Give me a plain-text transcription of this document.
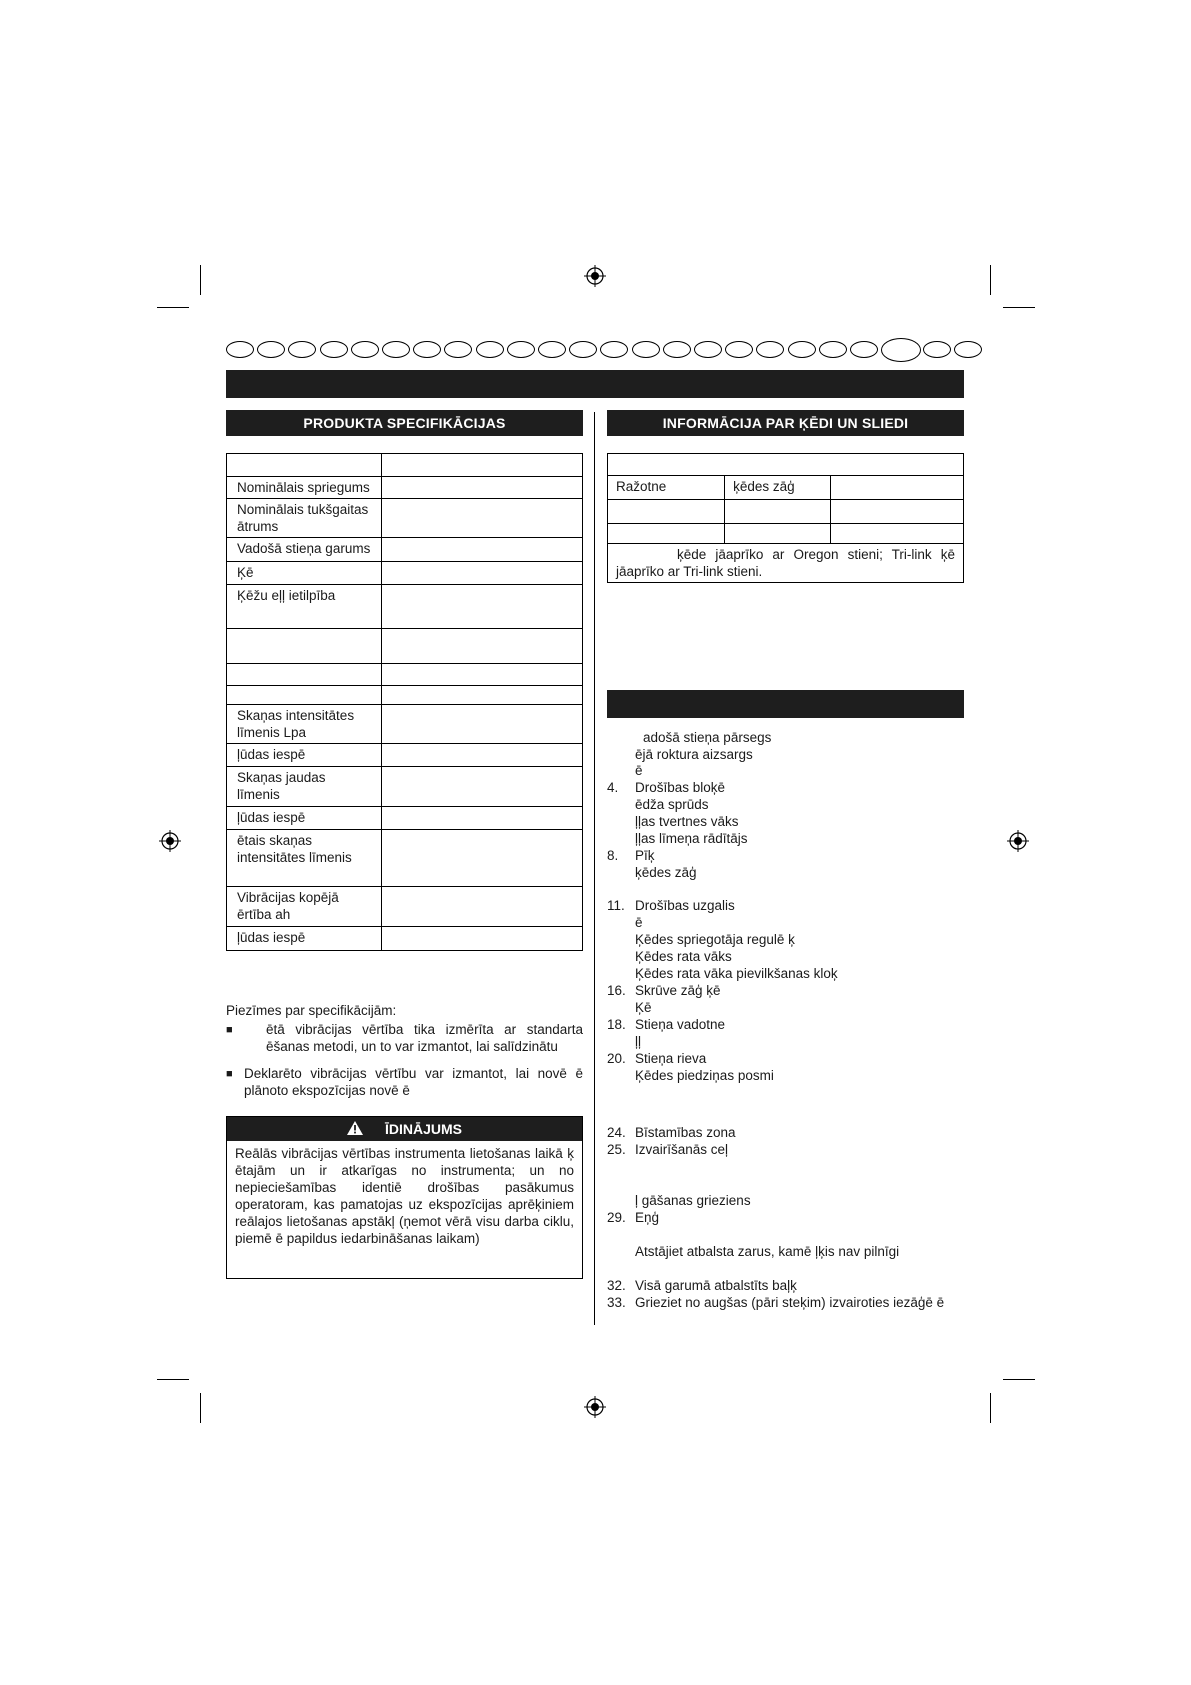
PRODUKTA SPECIFIKĀCIJAS

Nominālais spriegums	
Nominālais tukšgaitas ātrums	
Vadošā stieņa garums	
Ķē	
Ķēžu eļļ ietilpība	

Skaņas intensitātes līmenis Lpa	
ļūdas iespē	
Skaņas jaudas līmenis	
ļūdas iespē	
ētais skaņas intensitātes līmenis	
Vibrācijas kopējā ērtība ah	
ļūdas iespē	
Piezīmes par specifikācijām:
■	ētā vibrācijas vērtība tika izmērīta ar standarta ēšanas metodi, un to var izmantot, lai salīdzinātu
■ Deklarēto vibrācijas vērtību var izmantot, lai novē ē plānoto ekspozīcijas novē ē
ĪDINĀJUMS
Reālās vibrācijas vērtības instrumenta lietošanas laikā ķ ētajām un ir atkarīgas no instrumenta; un no nepieciešamības identiē drošības pasākumus operatoram, kas pamatojas uz ekspozīcijas aprēķiniem reālajos lietošanas apstākļ (ņemot vērā visu darba ciklu, piemē ē papildus iedarbināšanas laikam)
INFORMĀCIJA PAR ĶĒDI UN SLIEDI

Ražotne	ķēdes zāģ	

ķēde jāaprīko ar Oregon stieni; Tri-link ķē jāaprīko ar Tri-link stieni.		
adošā stieņa pārsegs
ējā roktura aizsargs
ē
4.	Drošības bloķē
ēdža sprūds
ļļas tvertnes vāks
ļļas līmeņa rādītājs
8.	Pīķ
ķēdes zāģ
11. Drošības uzgalis
ē
Ķēdes spriegotāja regulē ķ
Ķēdes rata vāks
Ķēdes rata vāka pievilkšanas kloķ
16. Skrūve zāģ ķē
Ķē
18. Stieņa vadotne
ļļ
20. Stieņa rieva
Ķēdes piedziņas posmi
24. Bīstamības zona
25. Izvairīšanās ceļ
ļ gāšanas grieziens
29. Eņģ
Atstājiet atbalsta zarus, kamē ļķis nav pilnīgi
32. Visā garumā atbalstīts baļķ
33. Grieziet no augšas (pāri steķim) izvairoties iezāģē ē
